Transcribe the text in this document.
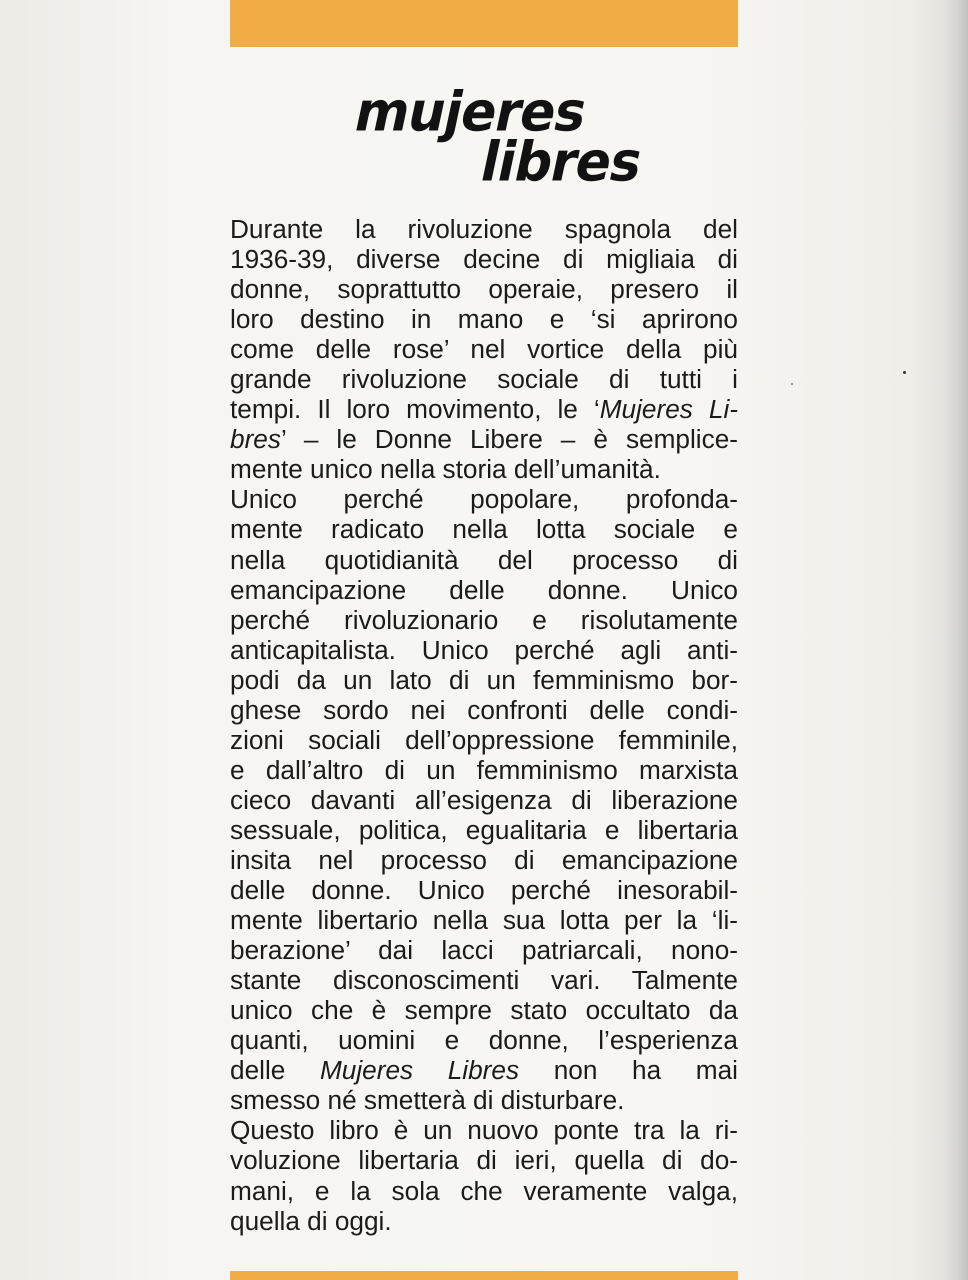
mujeres
libres

Durante la rivoluzione spagnola del
1936-39, diverse decine di migliaia di
donne, soprattutto operaie, presero il
loro destino in mano e ‘si aprirono
come delle rose’ nel vortice della più
grande rivoluzione sociale di tutti i
tempi. Il loro movimento, le ‘Mujeres Li-
bres’ – le Donne Libere – è semplice-
mente unico nella storia dell’umanità.
Unico perché popolare, profonda-
mente radicato nella lotta sociale e
nella quotidianità del processo di
emancipazione delle donne. Unico
perché rivoluzionario e risolutamente
anticapitalista. Unico perché agli anti-
podi da un lato di un femminismo bor-
ghese sordo nei confronti delle condi-
zioni sociali dell’oppressione femminile,
e dall’altro di un femminismo marxista
cieco davanti all’esigenza di liberazione
sessuale, politica, egualitaria e libertaria
insita nel processo di emancipazione
delle donne. Unico perché inesorabil-
mente libertario nella sua lotta per la ‘li-
berazione’ dai lacci patriarcali, nono-
stante disconoscimenti vari. Talmente
unico che è sempre stato occultato da
quanti, uomini e donne, l’esperienza
delle Mujeres Libres non ha mai
smesso né smetterà di disturbare.
Questo libro è un nuovo ponte tra la ri-
voluzione libertaria di ieri, quella di do-
mani, e la sola che veramente valga,
quella di oggi.
